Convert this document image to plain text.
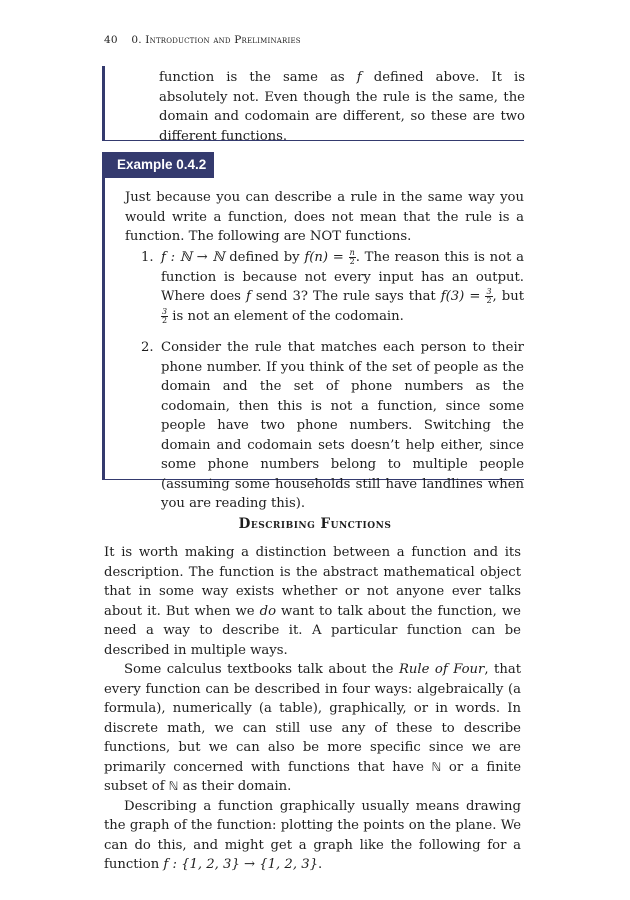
40 0. Introduction and Preliminaries

function is the same as f defined above. It is absolutely not. Even though the rule is the same, the domain and codomain are different, so these are two different functions.

Example 0.4.2

Just because you can describe a rule in the same way you would write a function, does not mean that the rule is a function. The following are NOT functions.

1. f : ℕ → ℕ defined by $f(n) = \frac{n}{2}$ . The reason this is not a function is because not every input has an output. Where does f send 3? The rule says that $f(3) = \frac{3}{2}$ , but
$\frac{3}{2}$ is not an element of the codomain.
2. Consider the rule that matches each person to their phone number. If you think of the set of people as the domain and the set of phone numbers as the codomain, then this is not a function, since some people have two phone numbers. Switching the domain and codomain sets doesn’t help either, since some phone numbers belong to multiple people (assuming some households still have landlines when you are reading this).
Describing Functions

It is worth making a distinction between a function and its description. The function is the abstract mathematical object that in some way exists whether or not anyone ever talks about it. But when we do want to talk about the function, we need a way to describe it. A particular function can be described in multiple ways.

Some calculus textbooks talk about the Rule of Four, that every function can be described in four ways: algebraically (a formula), numerically (a table), graphically, or in words. In discrete math, we can still use any of these to describe functions, but we can also be more specific since we are primarily concerned with functions that have ℕ or a finite subset of ℕ as their domain.

Describing a function graphically usually means drawing the graph of the function: plotting the points on the plane. We can do this, and might get a graph like the following for a function f : {1, 2, 3} → {1, 2, 3}.
